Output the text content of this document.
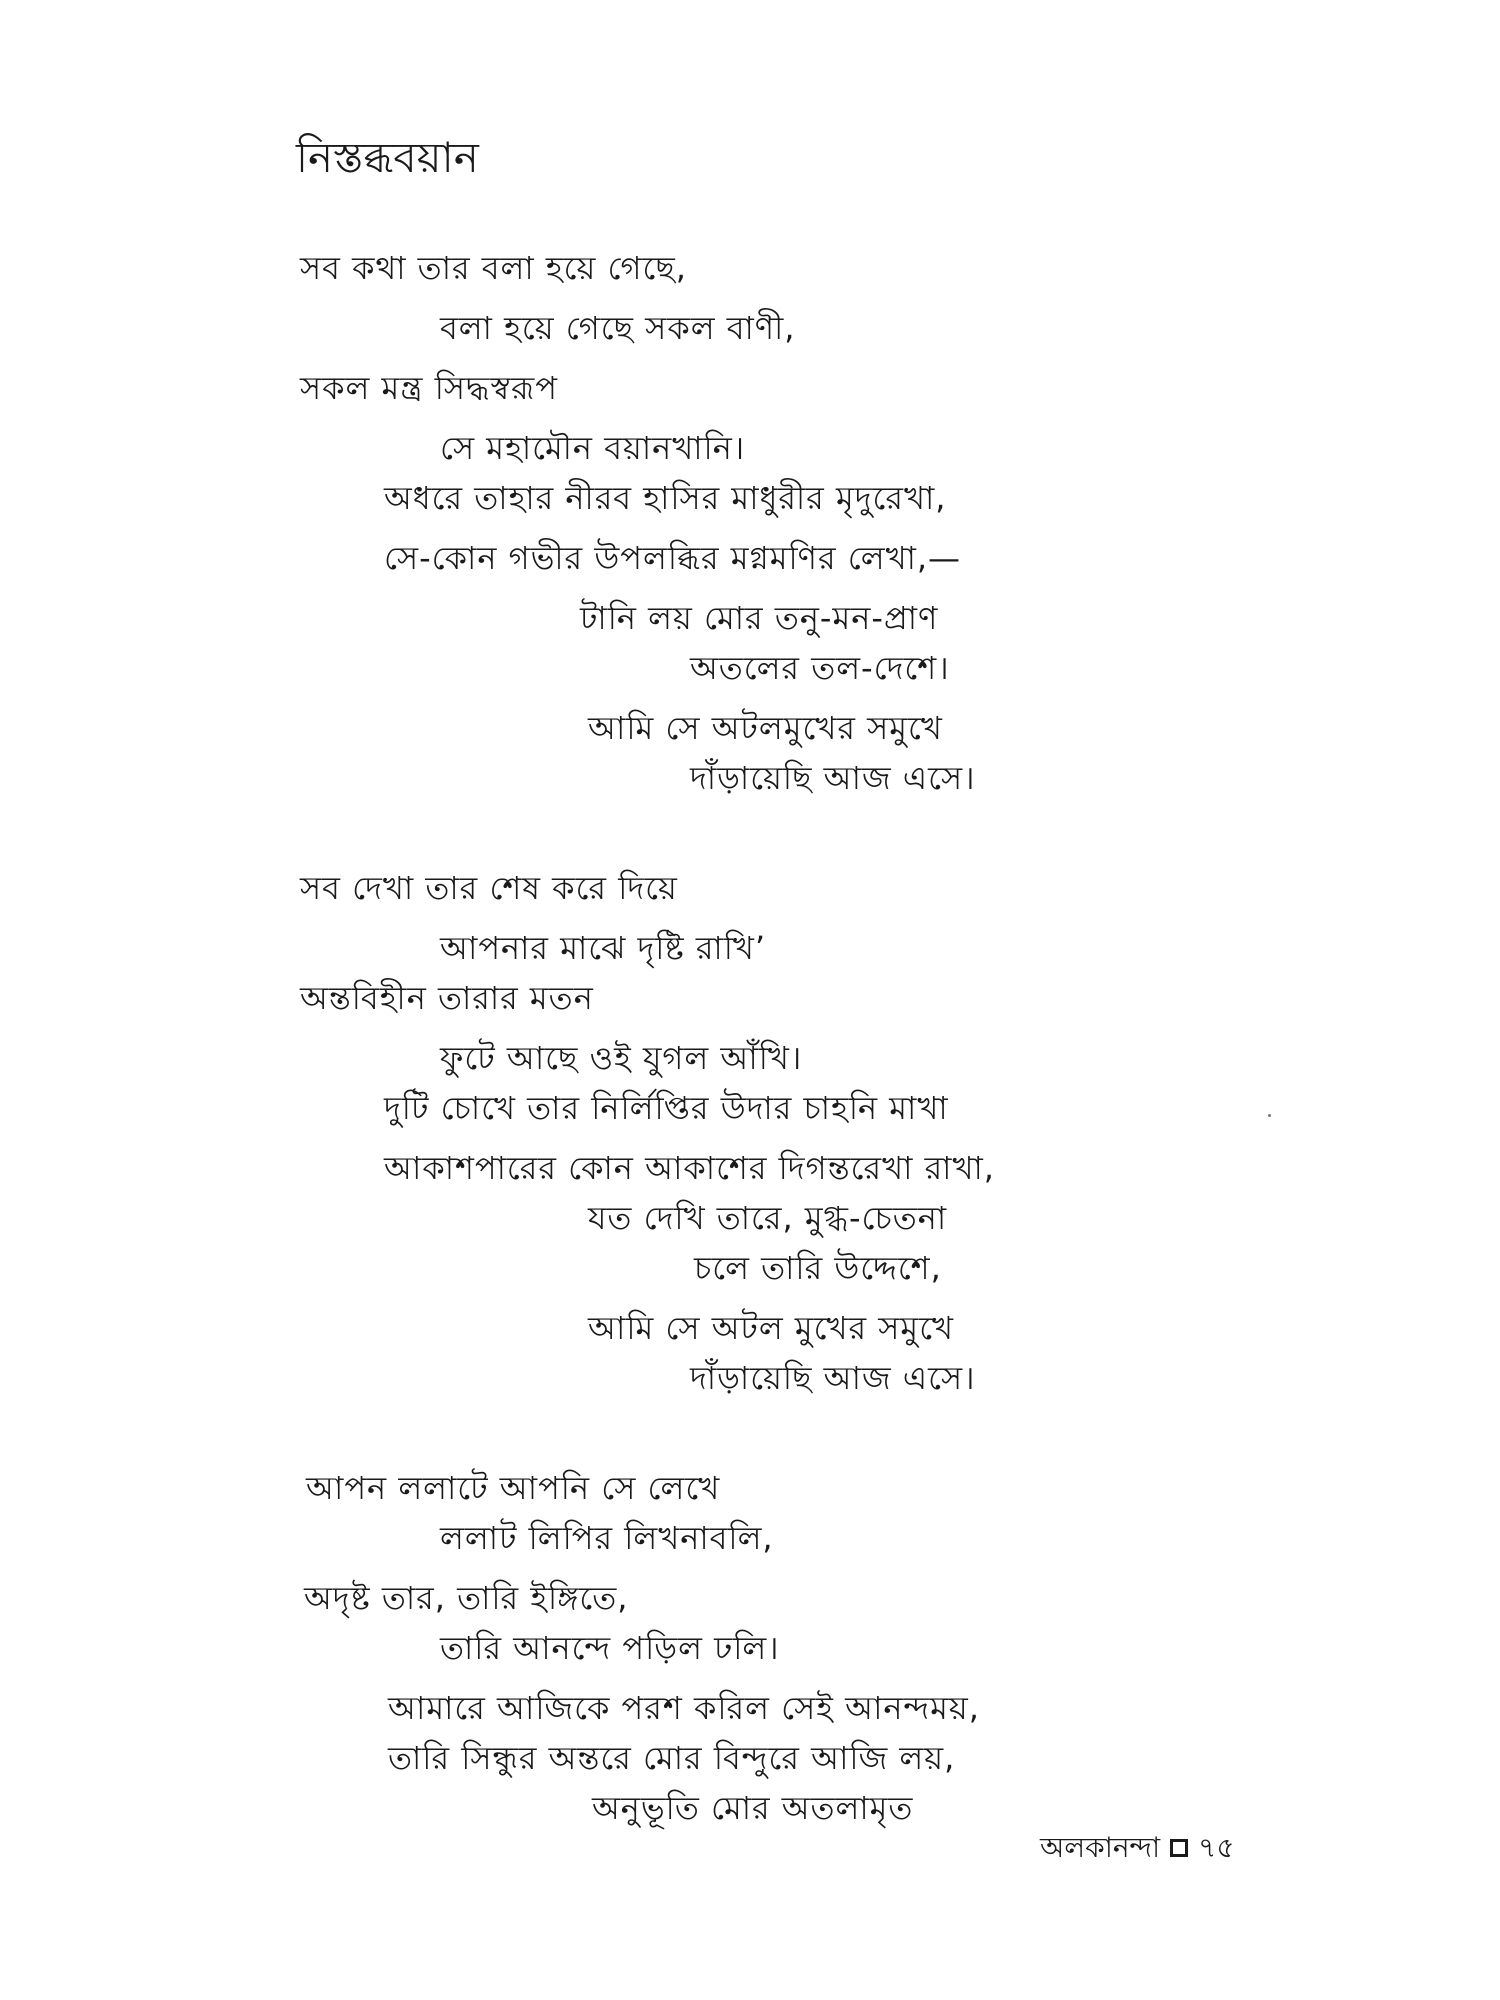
নিস্তব্ধবয়ান
সব কথা তার বলা হয়ে গেছে,
বলা হয়ে গেছে সকল বাণী,
সকল মন্ত্র সিদ্ধস্বরূপ
সে মহামৌন বয়ানখানি।
অধরে তাহার নীরব হাসির মাধুরীর মৃদুরেখা,
সে-কোন গভীর উপলব্ধির মগ্নমণির লেখা,—
টানি লয় মোর তনু-মন-প্রাণ
অতলের তল-দেশে।
আমি সে অটলমুখের সমুখে
দাঁড়ায়েছি আজ এসে।
সব দেখা তার শেষ করে দিয়ে
আপনার মাঝে দৃষ্টি রাখি’
অন্তবিহীন তারার মতন
ফুটে আছে ওই যুগল আঁখি।
দুটি চোখে তার নির্লিপ্তির উদার চাহনি মাখা
আকাশপারের কোন আকাশের দিগন্তরেখা রাখা,
যত দেখি তারে, মুগ্ধ-চেতনা
চলে তারি উদ্দেশে,
আমি সে অটল মুখের সমুখে
দাঁড়ায়েছি আজ এসে।
আপন ললাটে আপনি সে লেখে
ললাট লিপির লিখনাবলি,
অদৃষ্ট তার, তারি ইঙ্গিতে,
তারি আনন্দে পড়িল ঢলি।
আমারে আজিকে পরশ করিল সেই আনন্দময়,
তারি সিন্ধুর অন্তরে মোর বিন্দুরে আজি লয়,
অনুভূতি মোর অতলামৃত
অলকানন্দা ৭৫
